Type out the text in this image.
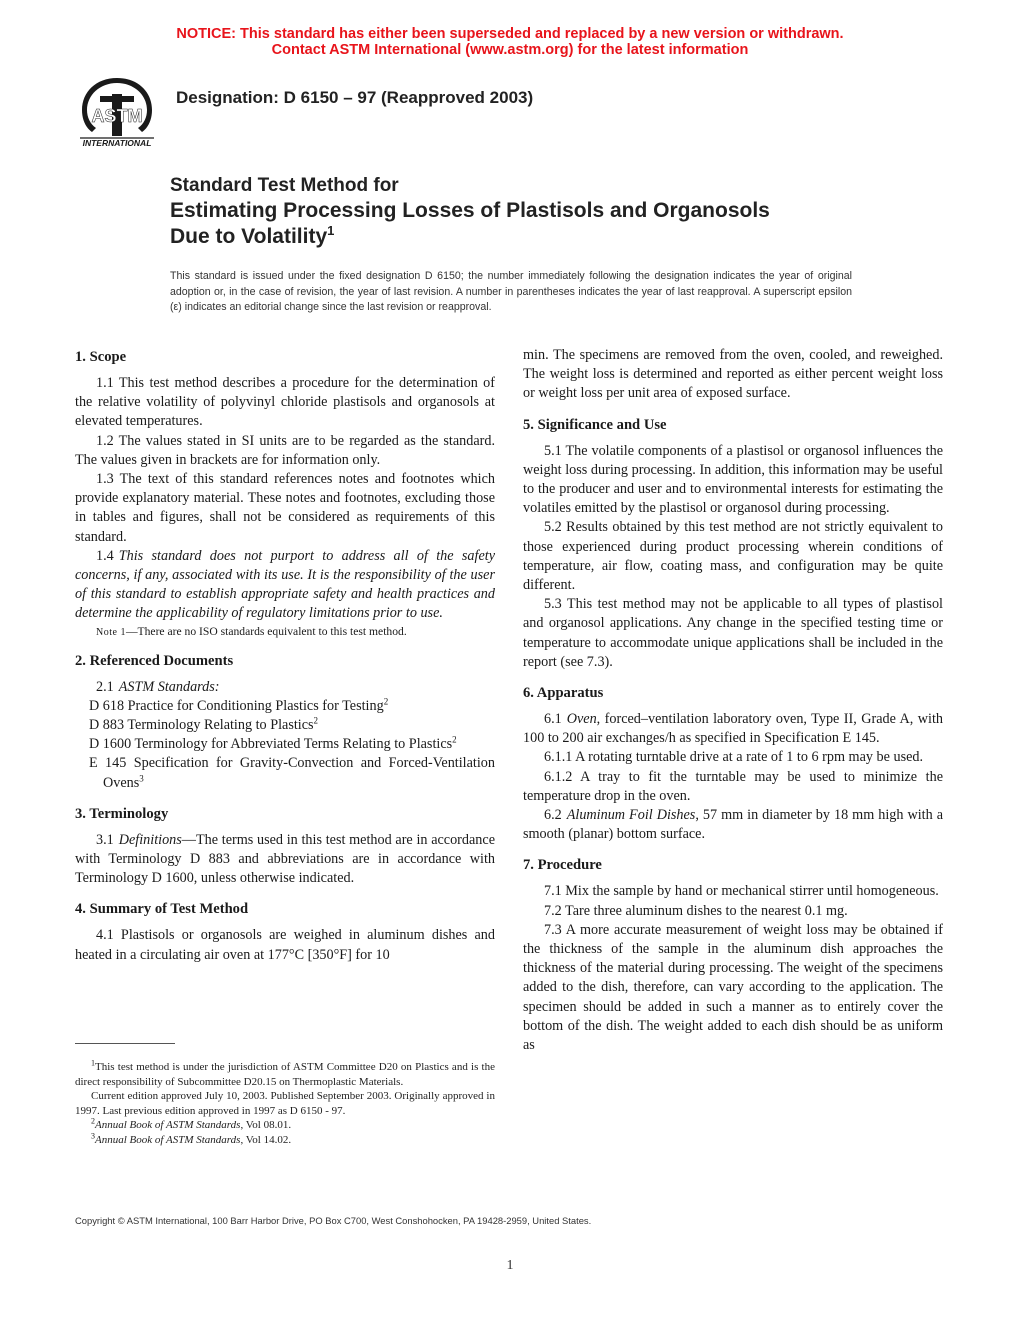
NOTICE: This standard has either been superseded and replaced by a new version or withdrawn.
Contact ASTM International (www.astm.org) for the latest information
ASTM
INTERNATIONAL
Designation: D 6150 – 97 (Reapproved 2003)
Standard Test Method for
Estimating Processing Losses of Plastisols and Organosols
Due to Volatility$^1$
This standard is issued under the fixed designation D 6150; the number immediately following the designation indicates the year of original adoption or, in the case of revision, the year of last revision. A number in parentheses indicates the year of last reapproval. A superscript epsilon (ε) indicates an editorial change since the last revision or reapproval.
1. Scope

1.1 This test method describes a procedure for the determination of the relative volatility of polyvinyl chloride plastisols and organosols at elevated temperatures.

1.2 The values stated in SI units are to be regarded as the standard. The values given in brackets are for information only.

1.3 The text of this standard references notes and footnotes which provide explanatory material. These notes and footnotes, excluding those in tables and figures, shall not be considered as requirements of this standard.

1.4 This standard does not purport to address all of the safety concerns, if any, associated with its use. It is the responsibility of the user of this standard to establish appropriate safety and health practices and determine the applicability of regulatory limitations prior to use.

Note 1—There are no ISO standards equivalent to this test method.

2. Referenced Documents

2.1 ASTM Standards:

D 618 Practice for Conditioning Plastics for Testing$^2$

D 883 Terminology Relating to Plastics$^2$

D 1600 Terminology for Abbreviated Terms Relating to Plastics$^2$

E 145 Specification for Gravity-Convection and Forced-Ventilation Ovens$^3$

3. Terminology

3.1 Definitions—The terms used in this test method are in accordance with Terminology D 883 and abbreviations are in accordance with Terminology D 1600, unless otherwise indicated.

4. Summary of Test Method

4.1 Plastisols or organosols are weighed in aluminum dishes and heated in a circulating air oven at 177°C [350°F] for 10

min. The specimens are removed from the oven, cooled, and reweighed. The weight loss is determined and reported as either percent weight loss or weight loss per unit area of exposed surface.

5. Significance and Use

5.1 The volatile components of a plastisol or organosol influences the weight loss during processing. In addition, this information may be useful to the producer and user and to environmental interests for estimating the volatiles emitted by the plastisol or organosol during processing.

5.2 Results obtained by this test method are not strictly equivalent to those experienced during product processing wherein conditions of temperature, air flow, coating mass, and configuration may be quite different.

5.3 This test method may not be applicable to all types of plastisol and organosol applications. Any change in the specified testing time or temperature to accommodate unique applications shall be included in the report (see 7.3).

6. Apparatus

6.1 Oven, forced–ventilation laboratory oven, Type II, Grade A, with 100 to 200 air exchanges/h as specified in Specification E 145.

6.1.1 A rotating turntable drive at a rate of 1 to 6 rpm may be used.

6.1.2 A tray to fit the turntable may be used to minimize the temperature drop in the oven.

6.2 Aluminum Foil Dishes, 57 mm in diameter by 18 mm high with a smooth (planar) bottom surface.

7. Procedure

7.1 Mix the sample by hand or mechanical stirrer until homogeneous.

7.2 Tare three aluminum dishes to the nearest 0.1 mg.

7.3 A more accurate measurement of weight loss may be obtained if the thickness of the sample in the aluminum dish approaches the thickness of the material during processing. The weight of the specimens added to the dish, therefore, can vary according to the application. The specimen should be added in such a manner as to entirely cover the bottom of the dish. The weight added to each dish should be as uniform as

$^1$This test method is under the jurisdiction of ASTM Committee D20 on Plastics and is the direct responsibility of Subcommittee D20.15 on Thermoplastic Materials.

Current edition approved July 10, 2003. Published September 2003. Originally approved in 1997. Last previous edition approved in 1997 as D 6150 - 97.

$^2$Annual Book of ASTM Standards, Vol 08.01.

$^3$Annual Book of ASTM Standards, Vol 14.02.

Copyright © ASTM International, 100 Barr Harbor Drive, PO Box C700, West Conshohocken, PA 19428-2959, United States.
1
